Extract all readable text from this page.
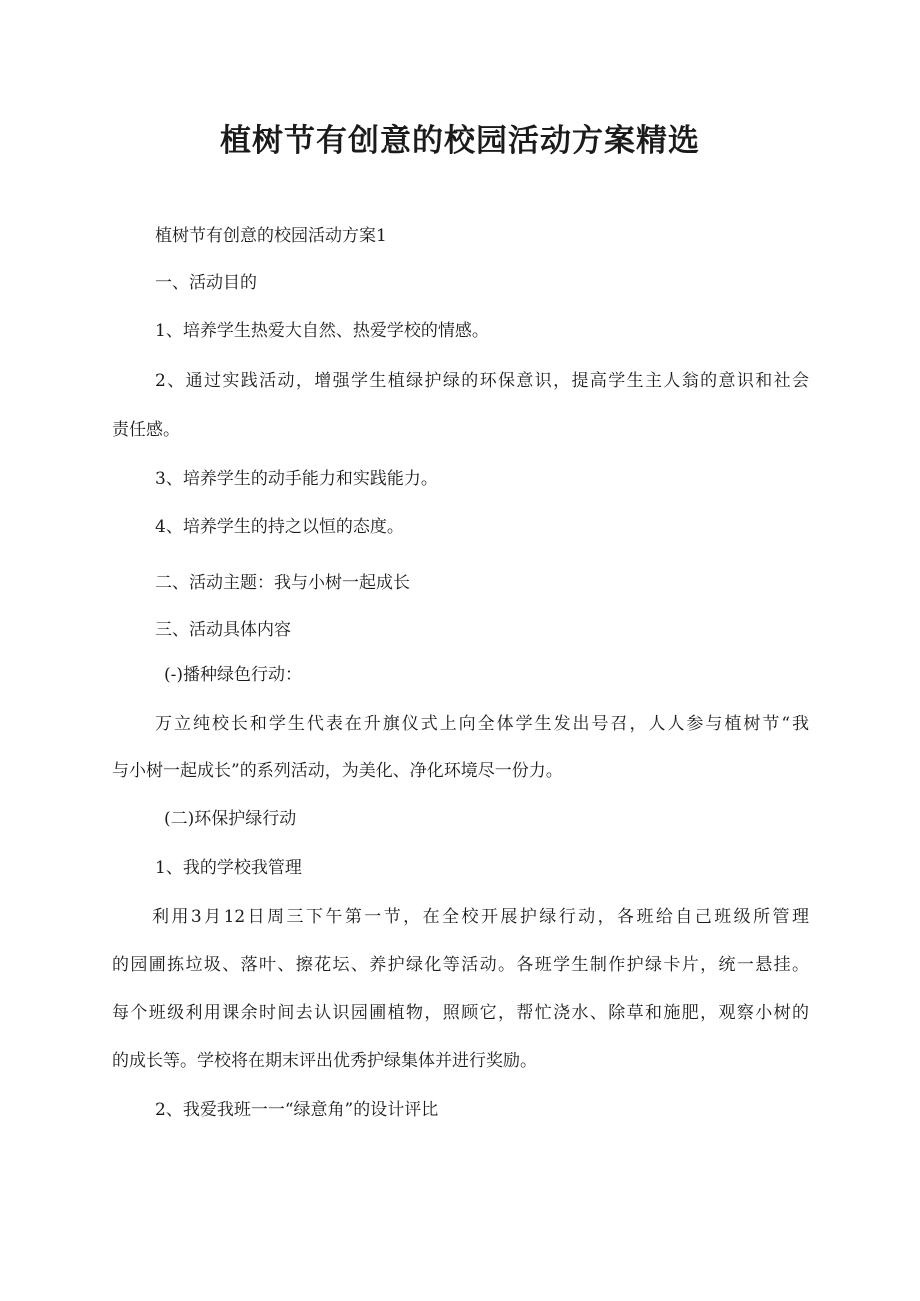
植树节有创意的校园活动方案精选

植树节有创意的校园活动方案1

一、活动目的

1、培养学生热爱大自然、热爱学校的情感。

2、通过实践活动，增强学生植绿护绿的环保意识，提高学生主人翁的意识和社会

责任感。

3、培养学生的动手能力和实践能力。

4、培养学生的持之以恒的态度。

二、活动主题：我与小树一起成长

三、活动具体内容

(-)播种绿色行动：

万立纯校长和学生代表在升旗仪式上向全体学生发出号召，人人参与植树节“我

与小树一起成长”的系列活动，为美化、净化环境尽一份力。

(二)环保护绿行动

1、我的学校我管理

利用3月12日周三下午第一节，在全校开展护绿行动，各班给自己班级所管理

的园圃拣垃圾、落叶、擦花坛、养护绿化等活动。各班学生制作护绿卡片，统一悬挂。

每个班级利用课余时间去认识园圃植物，照顾它，帮忙浇水、除草和施肥，观察小树的

的成长等。学校将在期末评出优秀护绿集体并进行奖励。

2、我爱我班一一“绿意角”的设计评比
